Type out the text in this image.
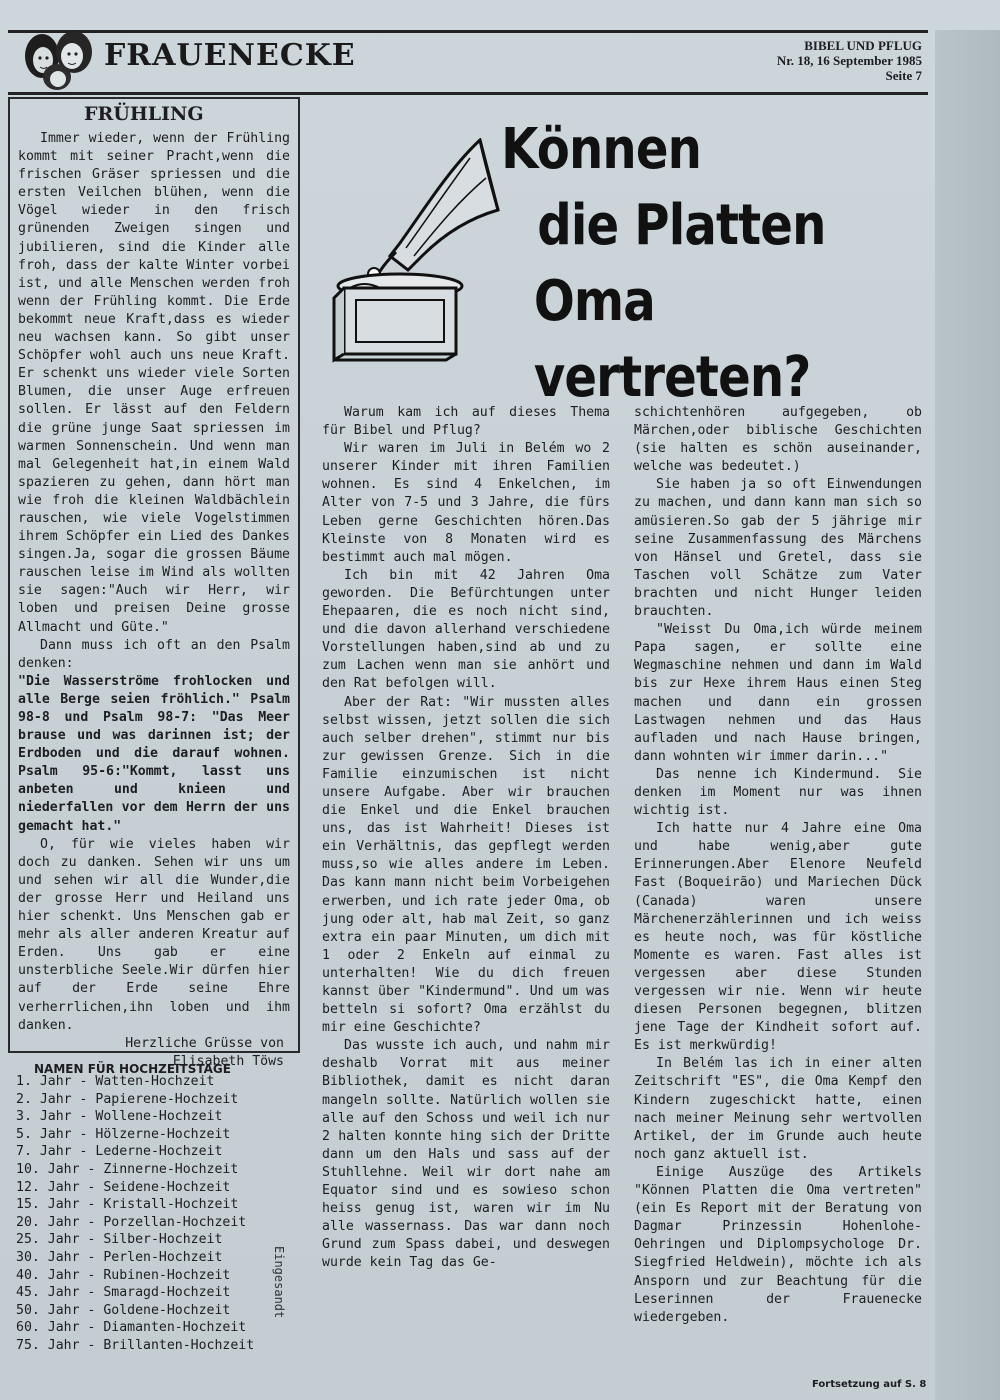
FRAUENECKE	BIBEL UND PFLUG
Nr. 18, 16 September 1985
Seite 7
FRÜHLING

Immer wieder, wenn der Frühling kommt mit seiner Pracht,wenn die frischen Gräser spriessen und die ersten Veilchen blühen, wenn die Vögel wieder in den frisch grünenden Zweigen singen und jubilieren, sind die Kinder alle froh, dass der kalte Winter vorbei ist, und alle Menschen werden froh wenn der Frühling kommt. Die Erde bekommt neue Kraft,dass es wieder neu wachsen kann. So gibt unser Schöpfer wohl auch uns neue Kraft. Er schenkt uns wieder viele Sorten Blumen, die unser Auge erfreuen sollen. Er lässt auf den Feldern die grüne junge Saat spriessen im warmen Sonnenschein. Und wenn man mal Gelegenheit hat,in einem Wald spazieren zu gehen, dann hört man wie froh die kleinen Waldbächlein rauschen, wie viele Vogelstimmen ihrem Schöpfer ein Lied des Dankes singen.Ja, sogar die grossen Bäume rauschen leise im Wind als wollten sie sagen:"Auch wir Herr, wir loben und preisen Deine grosse Allmacht und Güte."

Dann muss ich oft an den Psalm denken:

"Die Wasserströme frohlocken und alle Berge seien fröhlich." Psalm 98-8 und Psalm 98-7: "Das Meer brause und was darinnen ist; der Erdboden und die darauf wohnen. Psalm 95-6:"Kommt, lasst uns anbeten und knieen und niederfallen vor dem Herrn der uns gemacht hat."

O, für wie vieles haben wir doch zu danken. Sehen wir uns um und sehen wir all die Wunder,die der grosse Herr und Heiland uns hier schenkt. Uns Menschen gab er mehr als aller anderen Kreatur auf Erden. Uns gab er eine unsterbliche Seele.Wir dürfen hier auf der Erde seine Ehre verherrlichen,ihn loben und ihm danken.

Herzliche Grüsse von

Elisabeth Töws

NAMEN FÜR HOCHZEITSTAGE
1. Jahr - Watten-Hochzeit
2. Jahr - Papierene-Hochzeit
3. Jahr - Wollene-Hochzeit
5. Jahr - Hölzerne-Hochzeit
7. Jahr - Lederne-Hochzeit
10. Jahr - Zinnerne-Hochzeit
12. Jahr - Seidene-Hochzeit
15. Jahr - Kristall-Hochzeit
20. Jahr - Porzellan-Hochzeit
25. Jahr - Silber-Hochzeit
30. Jahr - Perlen-Hochzeit
40. Jahr - Rubinen-Hochzeit
45. Jahr - Smaragd-Hochzeit
50. Jahr - Goldene-Hochzeit
60. Jahr - Diamanten-Hochzeit
75. Jahr - Brillanten-Hochzeit
Eingesandt
Können
die Platten
Oma vertreten?

Warum kam ich auf dieses Thema für Bibel und Pflug?

Wir waren im Juli in Belém wo 2 unserer Kinder mit ihren Familien wohnen. Es sind 4 Enkelchen, im Alter von 7-5 und 3 Jahre, die fürs Leben gerne Geschichten hören.Das Kleinste von 8 Monaten wird es bestimmt auch mal mögen.

Ich bin mit 42 Jahren Oma geworden. Die Befürchtungen unter Ehepaaren, die es noch nicht sind, und die davon allerhand verschiedene Vorstellungen haben,sind ab und zu zum Lachen wenn man sie anhört und den Rat befolgen will.

Aber der Rat: "Wir mussten alles selbst wissen, jetzt sollen die sich auch selber drehen", stimmt nur bis zur gewissen Grenze. Sich in die Familie einzumischen ist nicht unsere Aufgabe. Aber wir brauchen die Enkel und die Enkel brauchen uns, das ist Wahrheit! Dieses ist ein Verhältnis, das gepflegt werden muss,so wie alles andere im Leben. Das kann mann nicht beim Vorbeigehen erwerben, und ich rate jeder Oma, ob jung oder alt, hab mal Zeit, so ganz extra ein paar Minuten, um dich mit 1 oder 2 Enkeln auf einmal zu unterhalten! Wie du dich freuen kannst über "Kindermund". Und um was betteln si sofort? Oma erzählst du mir eine Geschichte?

Das wusste ich auch, und nahm mir deshalb Vorrat mit aus meiner Bibliothek, damit es nicht daran mangeln sollte. Natürlich wollen sie alle auf den Schoss und weil ich nur 2 halten konnte hing sich der Dritte dann um den Hals und sass auf der Stuhllehne. Weil wir dort nahe am Equator sind und es sowieso schon heiss genug ist, waren wir im Nu alle wassernass. Das war dann noch Grund zum Spass dabei, und deswegen wurde kein Tag das Ge-

schichtenhören aufgegeben, ob Märchen,oder biblische Geschichten (sie halten es schön auseinander, welche was bedeutet.)

Sie haben ja so oft Einwendungen zu machen, und dann kann man sich so amüsieren.So gab der 5 jährige mir seine Zusammenfassung des Märchens von Hänsel und Gretel, dass sie Taschen voll Schätze zum Vater brachten und nicht Hunger leiden brauchten.

"Weisst Du Oma,ich würde meinem Papa sagen, er sollte eine Wegmaschine nehmen und dann im Wald bis zur Hexe ihrem Haus einen Steg machen und dann ein grossen Lastwagen nehmen und das Haus aufladen und nach Hause bringen, dann wohnten wir immer darin..."

Das nenne ich Kindermund. Sie denken im Moment nur was ihnen wichtig ist.

Ich hatte nur 4 Jahre eine Oma und habe wenig,aber gute Erinnerungen.Aber Elenore Neufeld Fast (Boqueirão) und Mariechen Dück (Canada) waren unsere Märchenerzählerinnen und ich weiss es heute noch, was für köstliche Momente es waren. Fast alles ist vergessen aber diese Stunden vergessen wir nie. Wenn wir heute diesen Personen begegnen, blitzen jene Tage der Kindheit sofort auf. Es ist merkwürdig!

In Belém las ich in einer alten Zeitschrift "ES", die Oma Kempf den Kindern zugeschickt hatte, einen nach meiner Meinung sehr wertvollen Artikel, der im Grunde auch heute noch ganz aktuell ist.

Einige Auszüge des Artikels "Können Platten die Oma vertreten" (ein Es Report mit der Beratung von Dagmar Prinzessin Hohenlohe-Oehringen und Diplompsychologe Dr. Siegfried Heldwein), möchte ich als Ansporn und zur Beachtung für die Leserinnen der Frauenecke wiedergeben.

Fortsetzung auf S. 8
